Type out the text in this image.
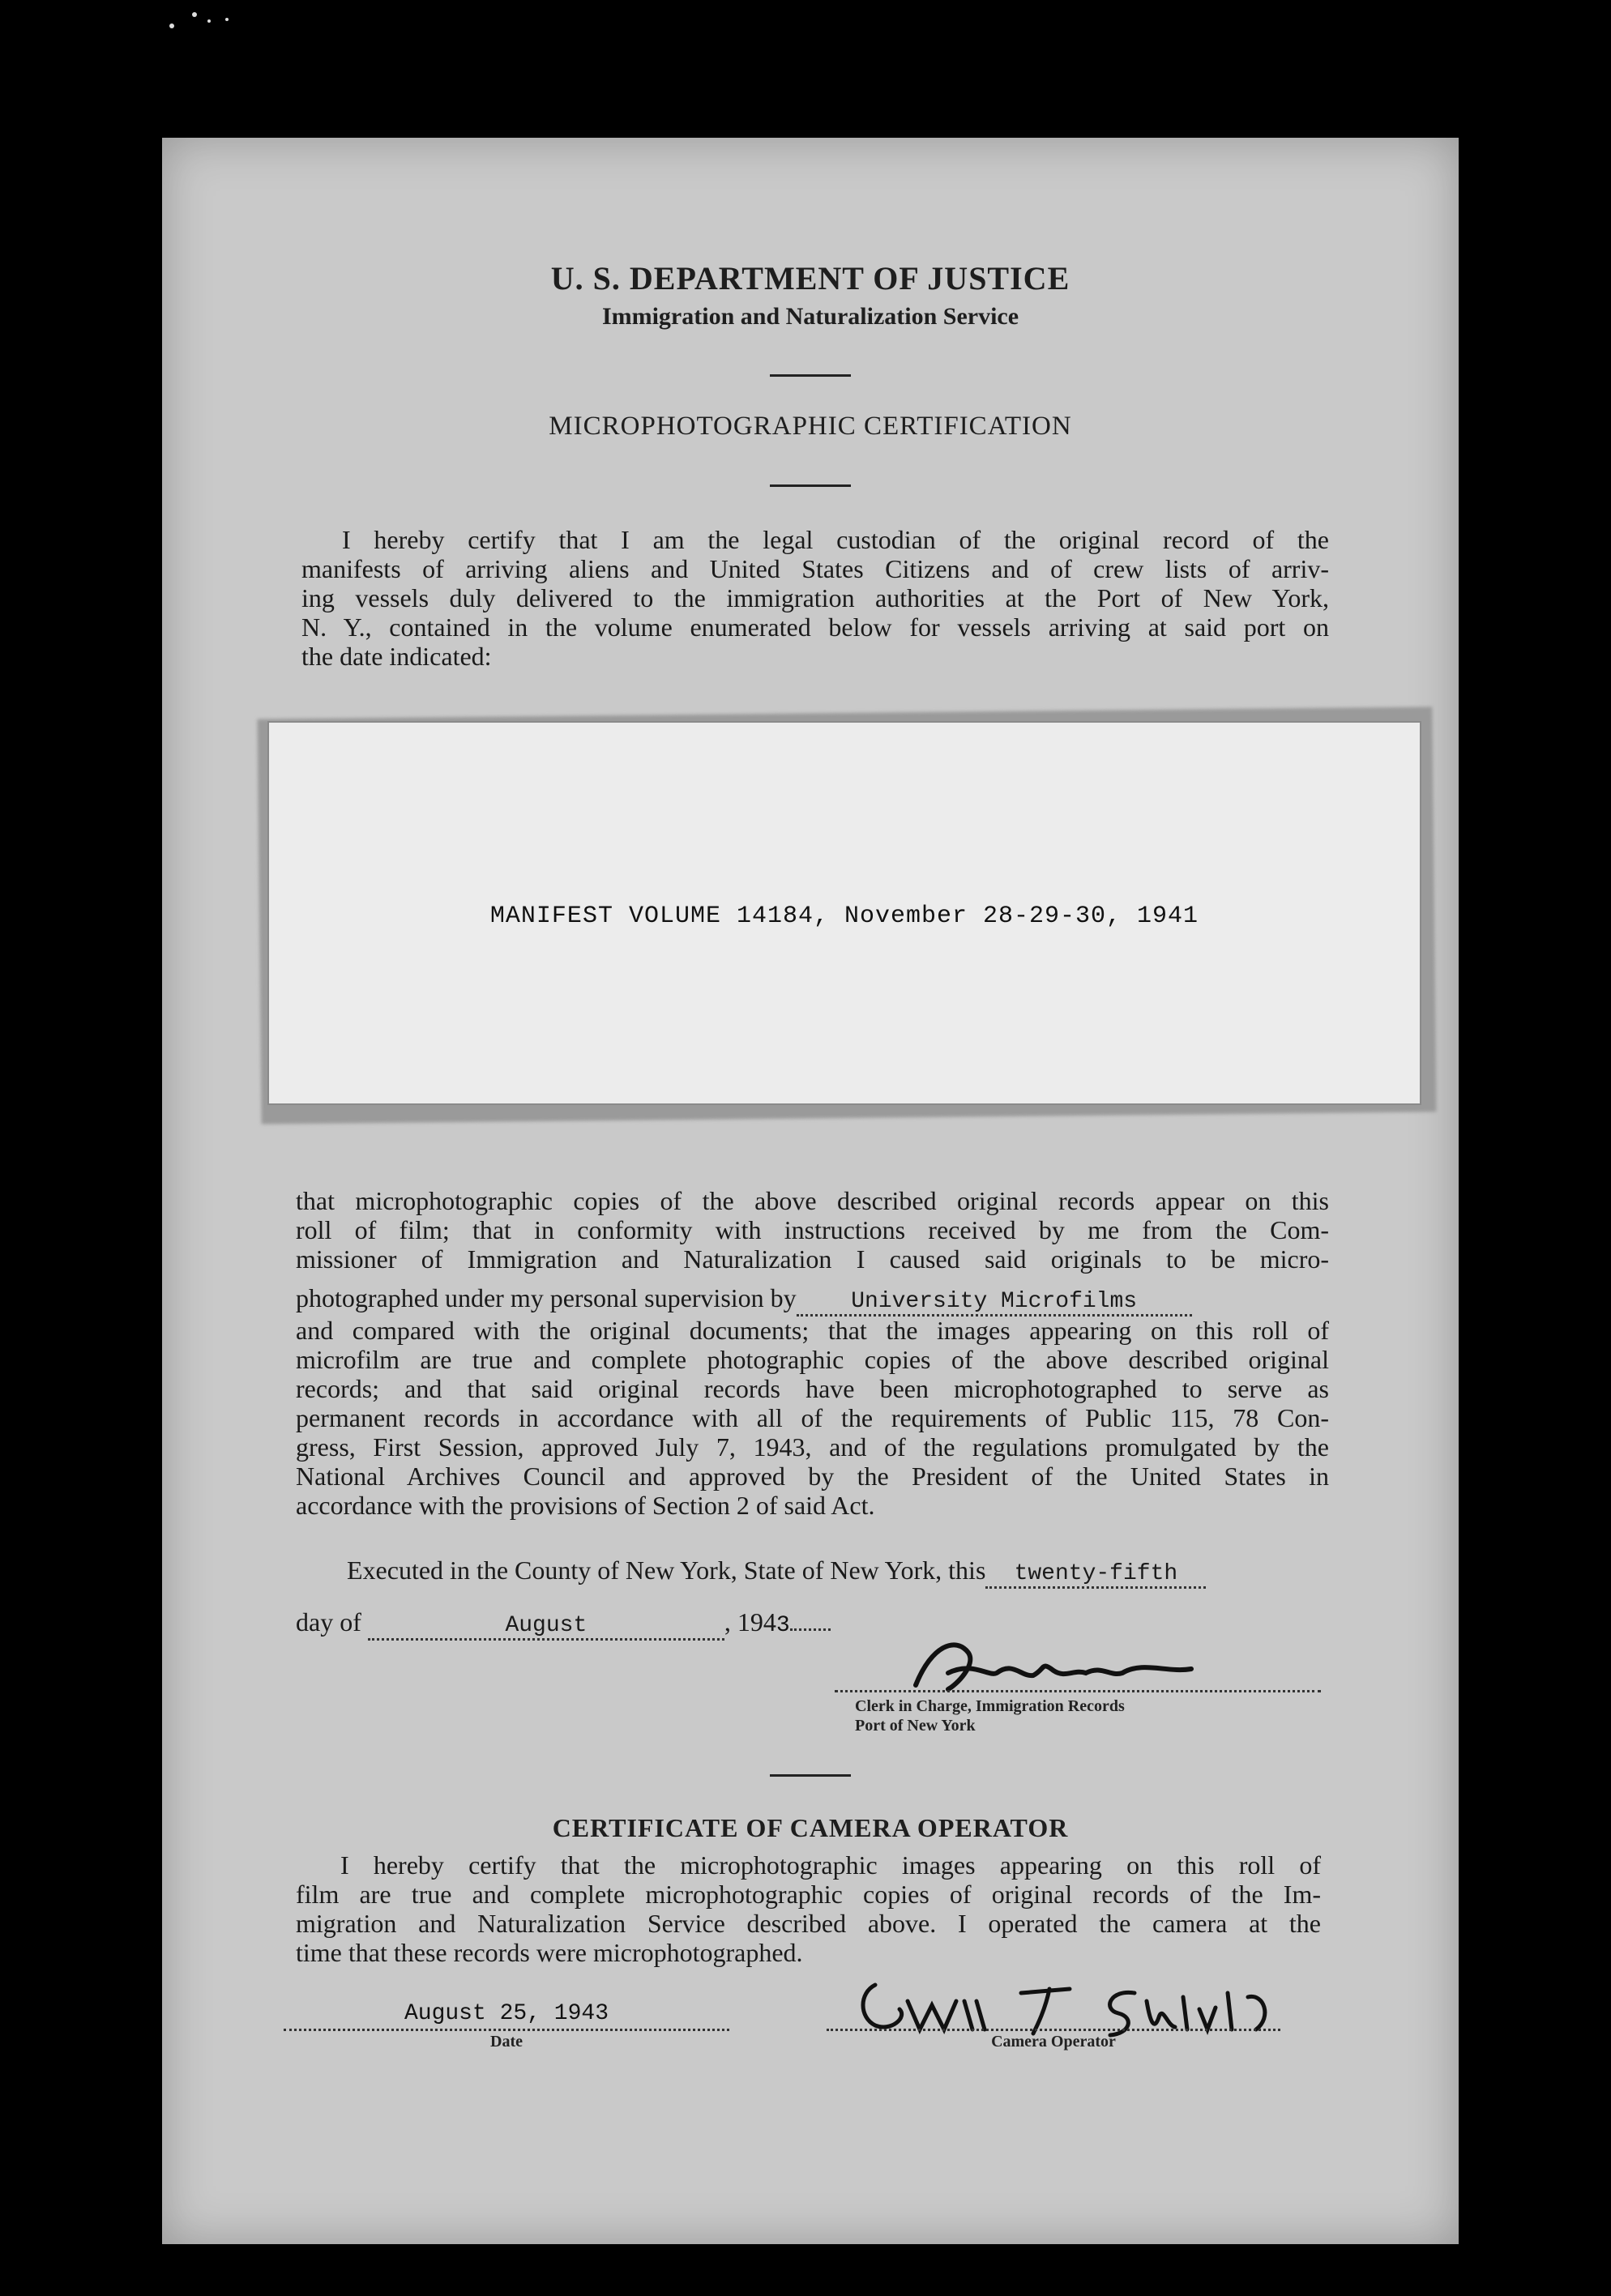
U. S. DEPARTMENT OF JUSTICE
Immigration and Naturalization Service
MICROPHOTOGRAPHIC CERTIFICATION
I hereby certify that I am the legal custodian of the original record of the
manifests of arriving aliens and United States Citizens and of crew lists of arriv-
ing vessels duly delivered to the immigration authorities at the Port of New York,
N. Y., contained in the volume enumerated below for vessels arriving at said port on
the date indicated:
MANIFEST VOLUME 14184, November 28-29-30, 1941
that microphotographic copies of the above described original records appear on this
roll of film; that in conformity with instructions received by me from the Com-
missioner of Immigration and Naturalization I caused said originals to be micro-
photographed under my personal supervision by University Microfilms
and compared with the original documents; that the images appearing on this roll of
microfilm are true and complete photographic copies of the above described original
records; and that said original records have been microphotographed to serve as
permanent records in accordance with all of the requirements of Public 115, 78 Con-
gress, First Session, approved July 7, 1943, and of the regulations promulgated by the
National Archives Council and approved by the President of the United States in
accordance with the provisions of Section 2 of said Act.
Executed in the County of New York, State of New York, this twenty-fifth
day of	August	, 1943
Clerk in Charge, Immigration Records
Port of New York
CERTIFICATE OF CAMERA OPERATOR
I hereby certify that the microphotographic images appearing on this roll of
film are true and complete microphotographic copies of original records of the Im-
migration and Naturalization Service described above. I operated the camera at the
time that these records were microphotographed.
August 25, 1943
Date	Camera Operator
